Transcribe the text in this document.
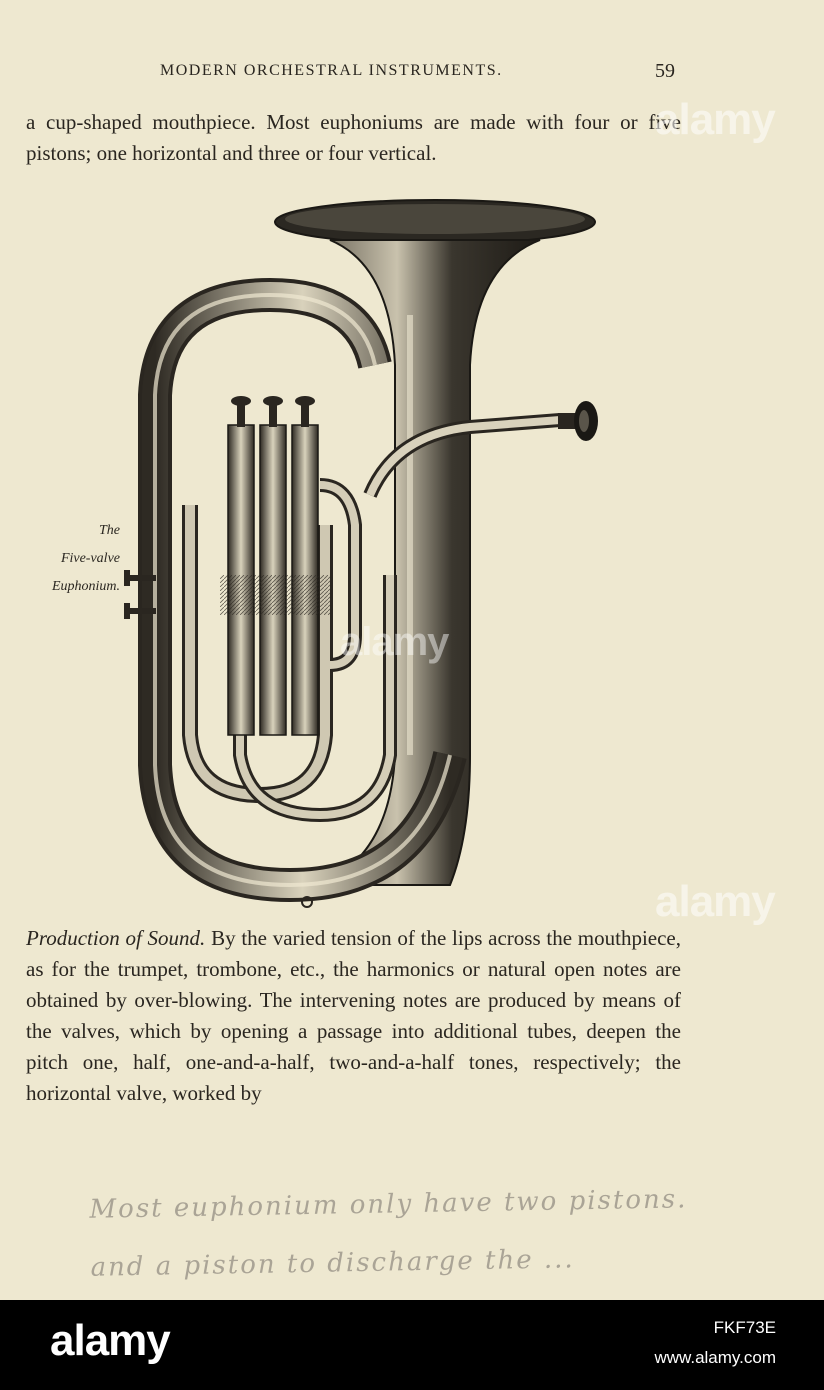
MODERN ORCHESTRAL INSTRUMENTS.	59

a cup-shaped mouthpiece. Most euphoniums are made with four or five pistons; one horizontal and three or four vertical.

The
Five-valve
Euphonium.

Production of Sound. By the varied tension of the lips across the mouthpiece, as for the trumpet, trombone, etc., the harmonics or natural open notes are obtained by over-blowing. The intervening notes are produced by means of the valves, which by opening a passage into additional tubes, deepen the pitch one, half, one-and-a-half, two-and-a-half tones, respectively; the horizontal valve, worked by

Most euphonium only have two pistons.
and a piston to discharge the ...
alamy
alamy
alamy
alamy	FKF73E
www.alamy.com
